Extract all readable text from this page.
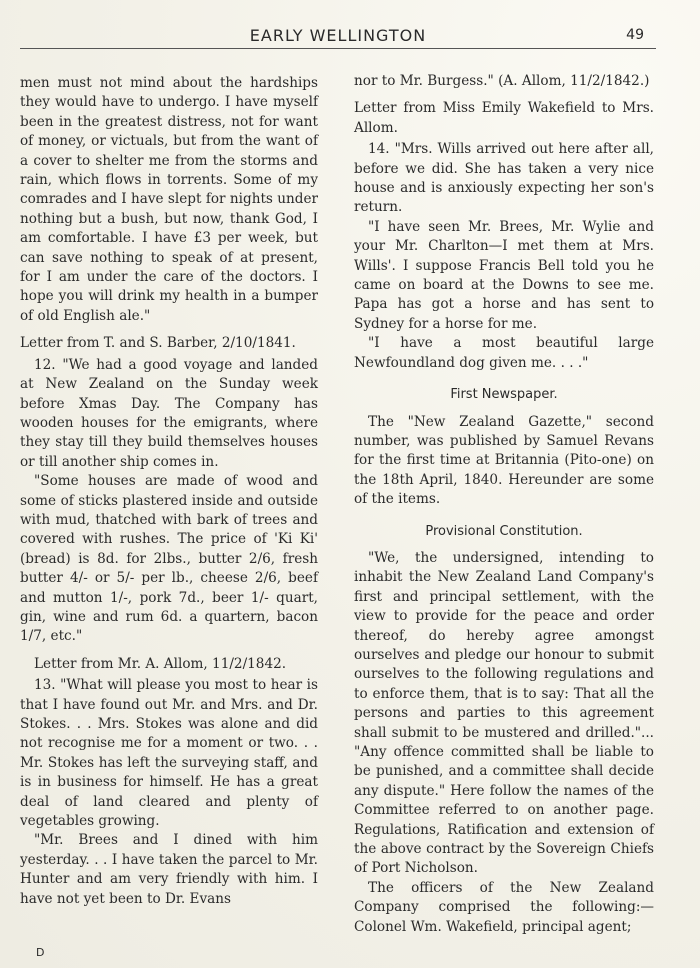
EARLY WELLINGTON	49

men must not mind about the hardships they would have to undergo. I have myself been in the greatest distress, not for want of money, or victuals, but from the want of a cover to shelter me from the storms and rain, which flows in torrents. Some of my comrades and I have slept for nights under nothing but a bush, but now, thank God, I am comfortable. I have £3 per week, but can save nothing to speak of at present, for I am under the care of the doctors. I hope you will drink my health in a bumper of old English ale."

Letter from T. and S. Barber, 2/10/1841.

12. "We had a good voyage and landed at New Zealand on the Sunday week before Xmas Day. The Company has wooden houses for the emigrants, where they stay till they build themselves houses or till another ship comes in.

"Some houses are made of wood and some of sticks plastered inside and outside with mud, thatched with bark of trees and covered with rushes. The price of 'Ki Ki' (bread) is 8d. for 2lbs., butter 2/6, fresh butter 4/- or 5/- per lb., cheese 2/6, beef and mutton 1/-, pork 7d., beer 1/- quart, gin, wine and rum 6d. a quartern, bacon 1/7, etc."

Letter from Mr. A. Allom, 11/2/1842.

13. "What will please you most to hear is that I have found out Mr. and Mrs. and Dr. Stokes. . . Mrs. Stokes was alone and did not recognise me for a moment or two. . . Mr. Stokes has left the surveying staff, and is in business for himself. He has a great deal of land cleared and plenty of vegetables growing.

"Mr. Brees and I dined with him yesterday. . . I have taken the parcel to Mr. Hunter and am very friendly with him. I have not yet been to Dr. Evans

nor to Mr. Burgess." (A. Allom, 11/2/1842.)

Letter from Miss Emily Wakefield to Mrs. Allom.

14. "Mrs. Wills arrived out here after all, before we did. She has taken a very nice house and is anxiously expecting her son's return.

"I have seen Mr. Brees, Mr. Wylie and your Mr. Charlton—I met them at Mrs. Wills'. I suppose Francis Bell told you he came on board at the Downs to see me. Papa has got a horse and has sent to Sydney for a horse for me.

"I have a most beautiful large Newfoundland dog given me. . . ."

First Newspaper.

The "New Zealand Gazette," second number, was published by Samuel Revans for the first time at Britannia (Pito-one) on the 18th April, 1840. Hereunder are some of the items.

Provisional Constitution.

"We, the undersigned, intending to inhabit the New Zealand Land Company's first and principal settlement, with the view to provide for the peace and order thereof, do hereby agree amongst ourselves and pledge our honour to submit ourselves to the following regulations and to enforce them, that is to say: That all the persons and parties to this agreement shall submit to be mustered and drilled."... "Any offence committed shall be liable to be punished, and a committee shall decide any dispute." Here follow the names of the Committee referred to on another page. Regulations, Ratification and extension of the above contract by the Sovereign Chiefs of Port Nicholson.

The officers of the New Zealand Company comprised the following:— Colonel Wm. Wakefield, principal agent;

D
